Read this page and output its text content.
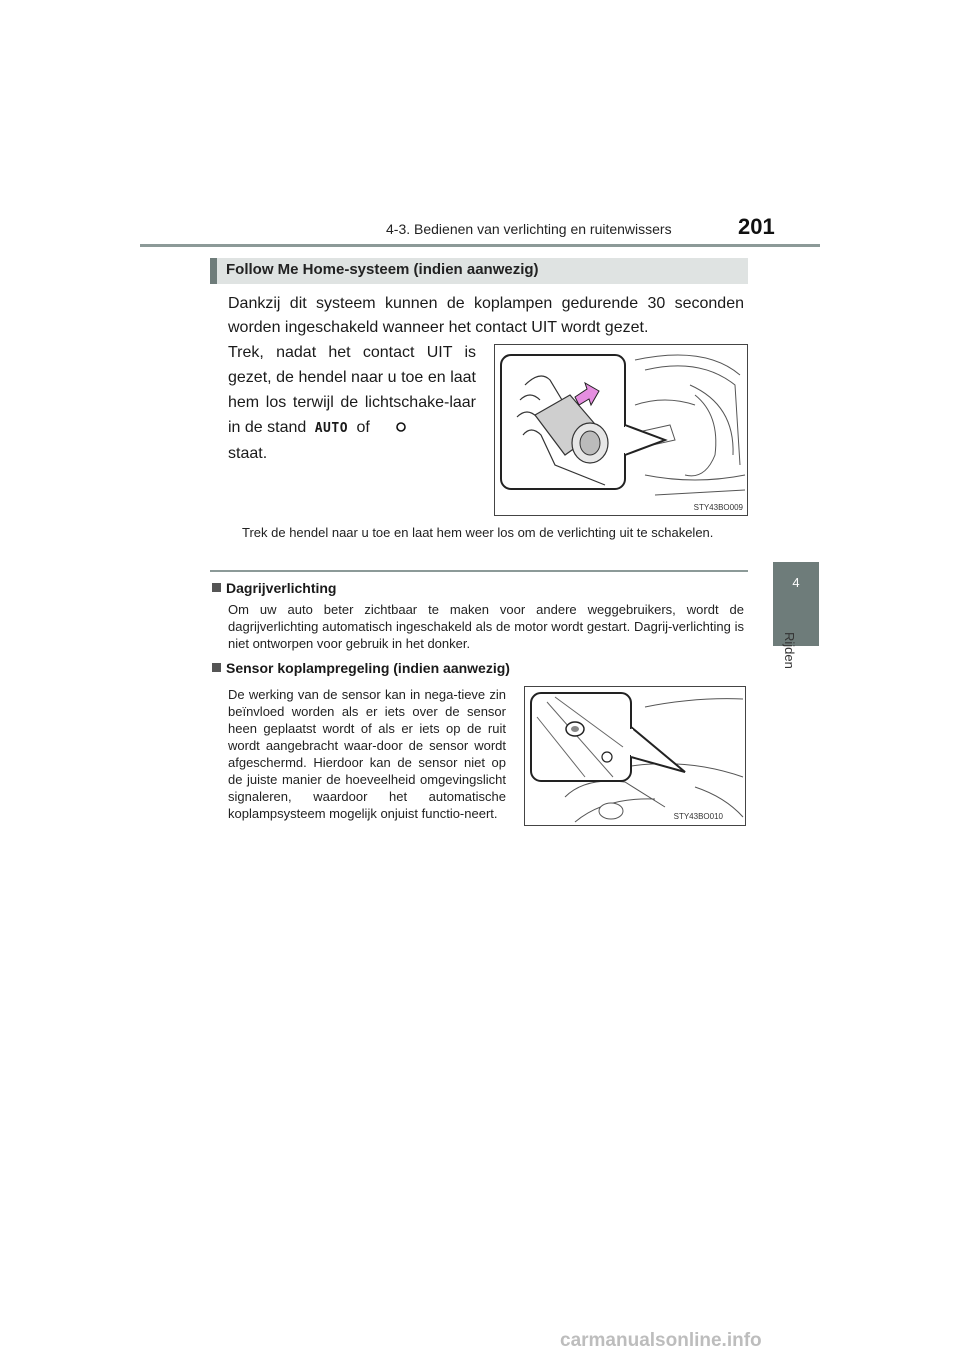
4-3. Bedienen van verlichting en ruitenwissers	201
4
Rijden
Follow Me Home-systeem (indien aanwezig)
Dankzij dit systeem kunnen de koplampen gedurende 30 seconden worden ingeschakeld wanneer het contact UIT wordt gezet.
Trek, nadat het contact UIT is gezet, de hendel naar u toe en laat hem los terwijl de lichtschake-laar in de stand AUTO of
staat.
STY43BO009
Trek de hendel naar u toe en laat hem weer los om de verlichting uit te schakelen.
Dagrijverlichting
Om uw auto beter zichtbaar te maken voor andere weggebruikers, wordt de dagrijverlichting automatisch ingeschakeld als de motor wordt gestart. Dagrij-verlichting is niet ontworpen voor gebruik in het donker.
Sensor koplampregeling (indien aanwezig)
De werking van de sensor kan in nega-tieve zin beïnvloed worden als er iets over de sensor heen geplaatst wordt of als er iets op de ruit wordt aangebracht waar-door de sensor wordt afgeschermd. Hierdoor kan de sensor niet op de juiste manier de hoeveelheid omgevingslicht signaleren, waardoor het automatische koplampsysteem mogelijk onjuist functio-neert.	STY43BO010
carmanualsonline.info
